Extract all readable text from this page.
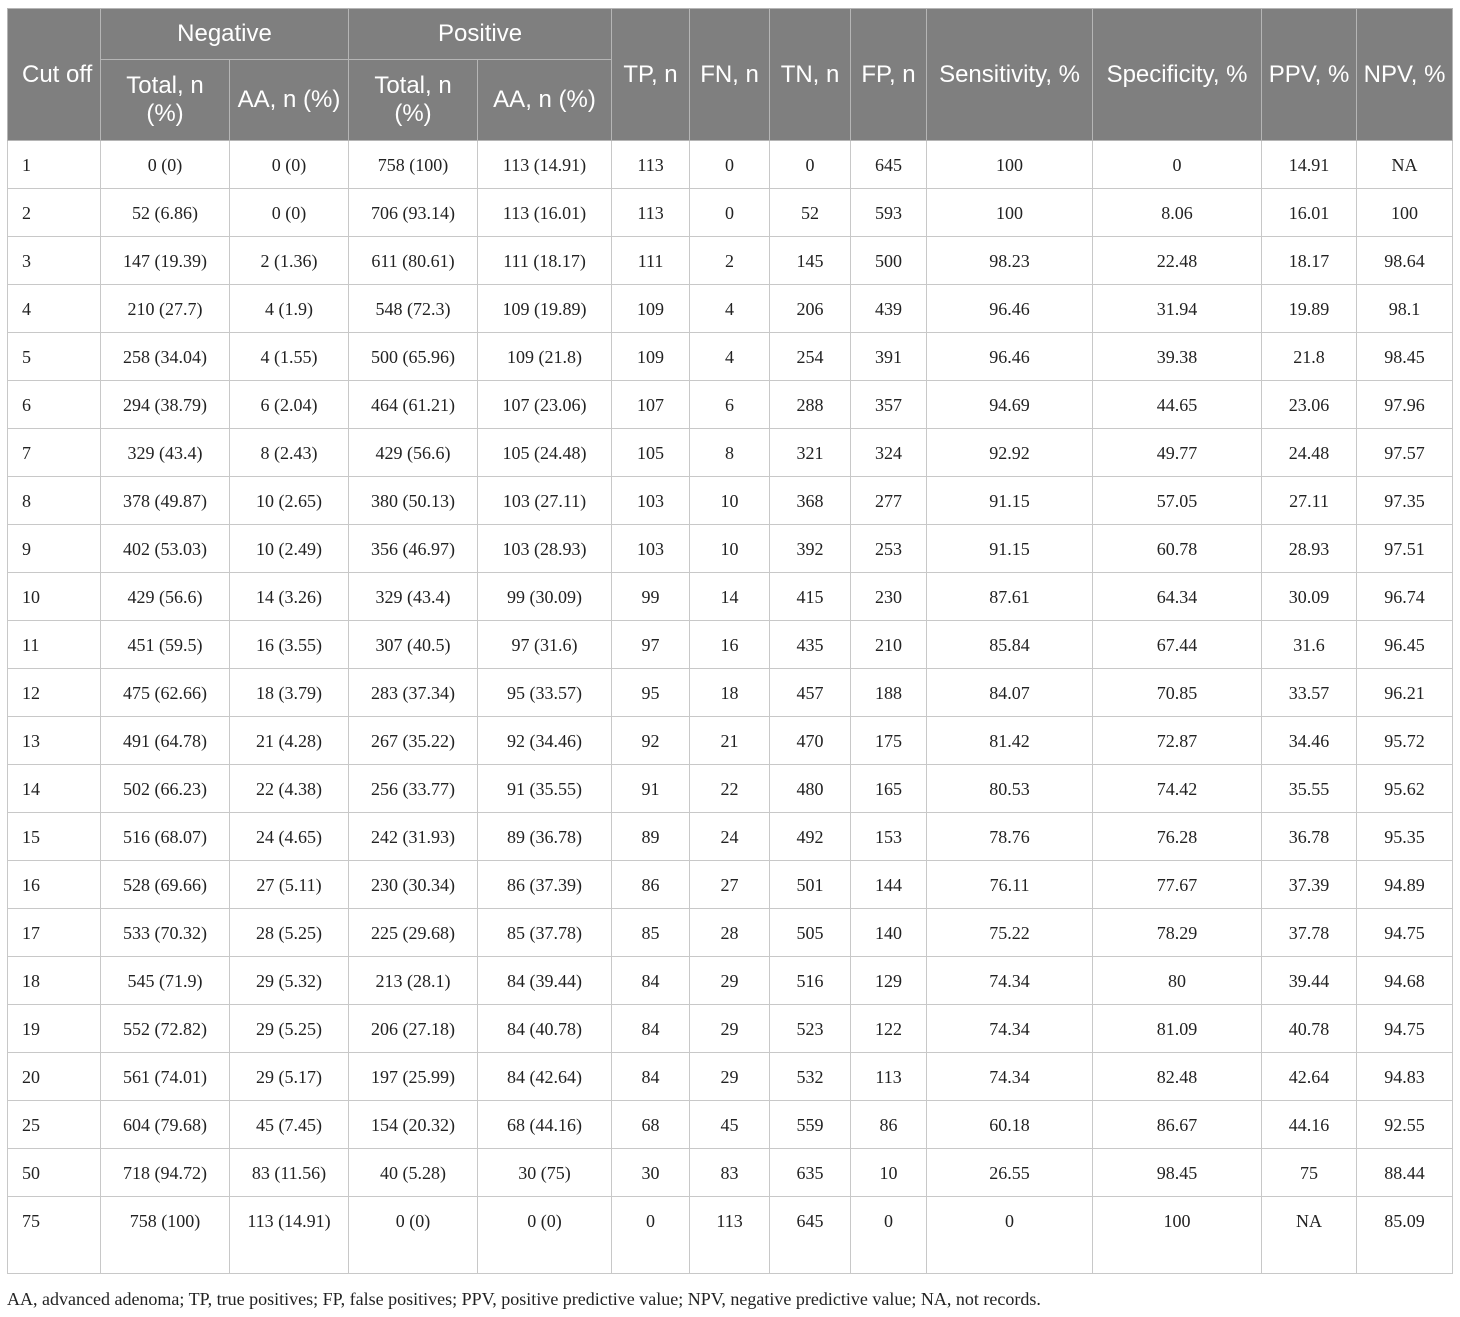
Cut off	Negative		Positive		TP, n	FN, n	TN, n	FP, n	Sensitivity, %	Specificity, %	PPV, %	NPV, %
	Total, n (%)	AA, n (%)	Total, n (%)	AA, n (%)								
1	0 (0)	0 (0)	758 (100)	113 (14.91)	113	0	0	645	100	0	14.91	NA
2	52 (6.86)	0 (0)	706 (93.14)	113 (16.01)	113	0	52	593	100	8.06	16.01	100
3	147 (19.39)	2 (1.36)	611 (80.61)	111 (18.17)	111	2	145	500	98.23	22.48	18.17	98.64
4	210 (27.7)	4 (1.9)	548 (72.3)	109 (19.89)	109	4	206	439	96.46	31.94	19.89	98.1
5	258 (34.04)	4 (1.55)	500 (65.96)	109 (21.8)	109	4	254	391	96.46	39.38	21.8	98.45
6	294 (38.79)	6 (2.04)	464 (61.21)	107 (23.06)	107	6	288	357	94.69	44.65	23.06	97.96
7	329 (43.4)	8 (2.43)	429 (56.6)	105 (24.48)	105	8	321	324	92.92	49.77	24.48	97.57
8	378 (49.87)	10 (2.65)	380 (50.13)	103 (27.11)	103	10	368	277	91.15	57.05	27.11	97.35
9	402 (53.03)	10 (2.49)	356 (46.97)	103 (28.93)	103	10	392	253	91.15	60.78	28.93	97.51
10	429 (56.6)	14 (3.26)	329 (43.4)	99 (30.09)	99	14	415	230	87.61	64.34	30.09	96.74
11	451 (59.5)	16 (3.55)	307 (40.5)	97 (31.6)	97	16	435	210	85.84	67.44	31.6	96.45
12	475 (62.66)	18 (3.79)	283 (37.34)	95 (33.57)	95	18	457	188	84.07	70.85	33.57	96.21
13	491 (64.78)	21 (4.28)	267 (35.22)	92 (34.46)	92	21	470	175	81.42	72.87	34.46	95.72
14	502 (66.23)	22 (4.38)	256 (33.77)	91 (35.55)	91	22	480	165	80.53	74.42	35.55	95.62
15	516 (68.07)	24 (4.65)	242 (31.93)	89 (36.78)	89	24	492	153	78.76	76.28	36.78	95.35
16	528 (69.66)	27 (5.11)	230 (30.34)	86 (37.39)	86	27	501	144	76.11	77.67	37.39	94.89
17	533 (70.32)	28 (5.25)	225 (29.68)	85 (37.78)	85	28	505	140	75.22	78.29	37.78	94.75
18	545 (71.9)	29 (5.32)	213 (28.1)	84 (39.44)	84	29	516	129	74.34	80	39.44	94.68
19	552 (72.82)	29 (5.25)	206 (27.18)	84 (40.78)	84	29	523	122	74.34	81.09	40.78	94.75
20	561 (74.01)	29 (5.17)	197 (25.99)	84 (42.64)	84	29	532	113	74.34	82.48	42.64	94.83
25	604 (79.68)	45 (7.45)	154 (20.32)	68 (44.16)	68	45	559	86	60.18	86.67	44.16	92.55
50	718 (94.72)	83 (11.56)	40 (5.28)	30 (75)	30	83	635	10	26.55	98.45	75	88.44
75	758 (100)	113 (14.91)	0 (0)	0 (0)	0	113	645	0	0	100	NA	85.09
AA, advanced adenoma; TP, true positives; FP, false positives; PPV, positive predictive value; NPV, negative predictive value; NA, not records.
